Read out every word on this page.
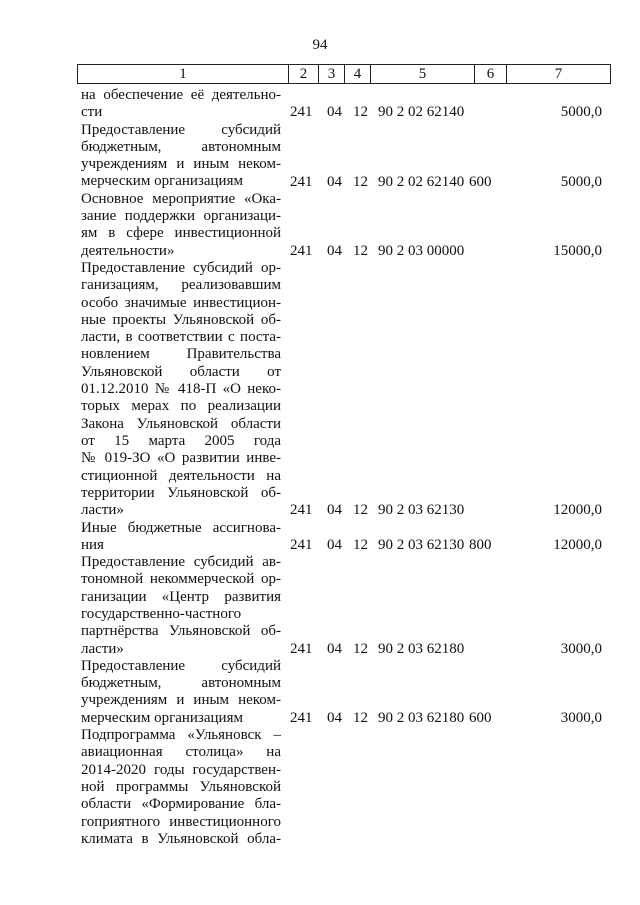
94
1	2	3	4	5	6	7
на обеспечение её деятельно-
сти	241 04 12 90 2 02 62140	5000,0
Предоставление субсидий
бюджетным, автономным
учреждениям и иным неком-
мерческим организациям	241 04 12 90 2 02 62140 600	5000,0
Основное мероприятие «Ока-
зание поддержки организаци-
ям в сфере инвестиционной
деятельности»	241 04 12 90 2 03 00000	15000,0
Предоставление субсидий ор-
ганизациям, реализовавшим
особо значимые инвестицион-
ные проекты Ульяновской об-
ласти, в соответствии с поста-
новлением Правительства
Ульяновской области от
01.12.2010 № 418-П «О неко-
торых мерах по реализации
Закона Ульяновской области
от 15 марта 2005 года
№ 019-ЗО «О развитии инве-
стиционной деятельности на
территории Ульяновской об-
ласти»	241 04 12 90 2 03 62130	12000,0
Иные бюджетные ассигнова-
ния	241 04 12 90 2 03 62130 800	12000,0
Предоставление субсидий ав-
тономной некоммерческой ор-
ганизации «Центр развития
государственно-частного
партнёрства Ульяновской об-
ласти»	241 04 12 90 2 03 62180	3000,0
Предоставление субсидий
бюджетным, автономным
учреждениям и иным неком-
мерческим организациям	241 04 12 90 2 03 62180 600	3000,0
Подпрограмма «Ульяновск –
авиационная столица» на
2014-2020 годы государствен-
ной программы Ульяновской
области «Формирование бла-
гоприятного инвестиционного
климата в Ульяновской обла-
